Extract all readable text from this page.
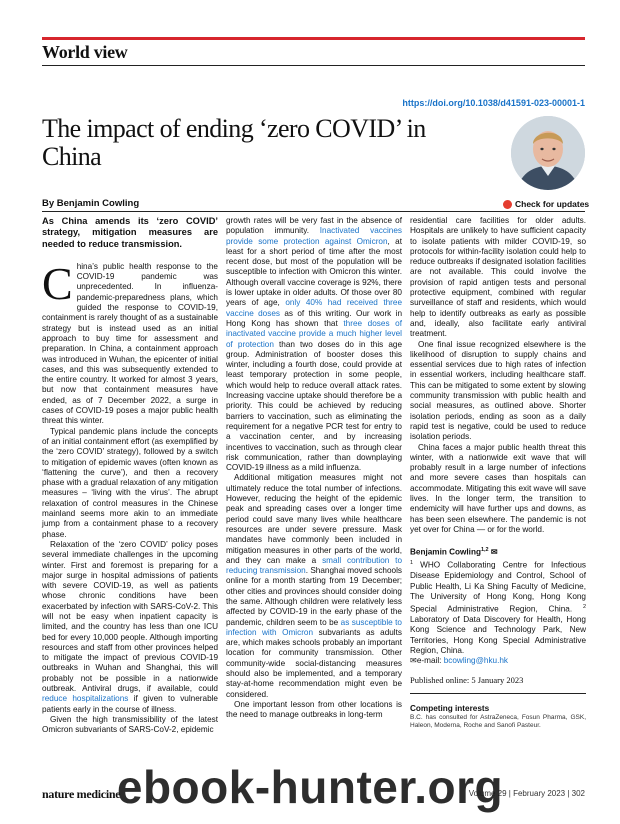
World view
https://doi.org/10.1038/d41591-023-00001-1
The impact of ending ‘zero COVID’ in China
By Benjamin Cowling	Check for updates

As China amends its ‘zero COVID’ strategy, mitigation measures are needed to reduce transmission.

China’s public health response to the COVID-19 pandemic was unprecedented. In influenza-pandemic-preparedness plans, which guided the response to COVID-19, containment is rarely thought of as a sustainable strategy but is instead used as an initial approach to buy time for assessment and preparation. In China, a containment approach was introduced in Wuhan, the epicenter of initial cases, and this was subsequently extended to the entire country. It worked for almost 3 years, but now that containment measures have ended, as of 7 December 2022, a surge in cases of COVID-19 poses a major public health threat this winter.

Typical pandemic plans include the concepts of an initial containment effort (as exemplified by the ‘zero COVID’ strategy), followed by a switch to mitigation of epidemic waves (often known as ‘flattening the curve’), and then a recovery phase with a gradual relaxation of any mitigation measures – ‘living with the virus’. The abrupt relaxation of control measures in the Chinese mainland seems more akin to an immediate jump from a containment phase to a recovery phase.

Relaxation of the ‘zero COVID’ policy poses several immediate challenges in the upcoming winter. First and foremost is preparing for a major surge in hospital admissions of patients with severe COVID-19, as well as patients whose chronic conditions have been exacerbated by infection with SARS-CoV-2. This will not be easy when inpatient capacity is limited, and the country has less than one ICU bed for every 10,000 people. Although importing resources and staff from other provinces helped to mitigate the impact of previous COVID-19 outbreaks in Wuhan and Shanghai, this will probably not be possible in a nationwide outbreak. Antiviral drugs, if available, could reduce hospitalizations if given to vulnerable patients early in the course of illness.

Given the high transmissibility of the latest Omicron subvariants of SARS-CoV-2, epidemic

growth rates will be very fast in the absence of population immunity. Inactivated vaccines provide some protection against Omicron, at least for a short period of time after the most recent dose, but most of the population will be susceptible to infection with Omicron this winter. Although overall vaccine coverage is 92%, there is lower uptake in older adults. Of those over 80 years of age, only 40% had received three vaccine doses as of this writing. Our work in Hong Kong has shown that three doses of inactivated vaccine provide a much higher level of protection than two doses do in this age group. Administration of booster doses this winter, including a fourth dose, could provide at least temporary protection in some people, which would help to reduce overall attack rates. Increasing vaccine uptake should therefore be a priority. This could be achieved by reducing barriers to vaccination, such as eliminating the requirement for a negative PCR test for entry to a vaccination center, and by increasing incentives to vaccination, such as through clear risk communication, rather than downplaying COVID-19 illness as a mild influenza.

Additional mitigation measures might not ultimately reduce the total number of infections. However, reducing the height of the epidemic peak and spreading cases over a longer time period could save many lives while healthcare resources are under severe pressure. Mask mandates have commonly been included in mitigation measures in other parts of the world, and they can make a small contribution to reducing transmission. Shanghai moved schools online for a month starting from 19 December; other cities and provinces should consider doing the same. Although children were relatively less affected by COVID-19 in the early phase of the pandemic, children seem to be as susceptible to infection with Omicron subvariants as adults are, which makes schools probably an important location for community transmission. Other community-wide social-distancing measures should also be implemented, and a temporary stay-at-home recommendation might even be considered.

One important lesson from other locations is the need to manage outbreaks in long-term

residential care facilities for older adults. Hospitals are unlikely to have sufficient capacity to isolate patients with milder COVID-19, so protocols for within-facility isolation could help to reduce outbreaks if designated isolation facilities are not available. This could involve the provision of rapid antigen tests and personal protective equipment, combined with regular surveillance of staff and residents, which would help to identify outbreaks as early as possible and, ideally, also facilitate early antiviral treatment.

One final issue recognized elsewhere is the likelihood of disruption to supply chains and essential services due to high rates of infection in essential workers, including healthcare staff. This can be mitigated to some extent by slowing community transmission with public health and social measures, as outlined above. Shorter isolation periods, ending as soon as a daily rapid test is negative, could be used to reduce isolation periods.

China faces a major public health threat this winter, with a nationwide exit wave that will probably result in a large number of infections and more severe cases than hospitals can accommodate. Mitigating this exit wave will save lives. In the longer term, the transition to endemicity will have further ups and downs, as has been seen elsewhere. The pandemic is not yet over for China — or for the world.

Benjamin Cowling$^{1,2}$ ✉
$^1$ WHO Collaborating Centre for Infectious Disease Epidemiology and Control, School of Public Health, Li Ka Shing Faculty of Medicine, The University of Hong Kong, Hong Kong Special Administrative Region, China. $^2$ Laboratory of Data Discovery for Health, Hong Kong Science and Technology Park, New Territories, Hong Kong Special Administrative Region, China.
✉e-mail: bcowling@hku.hk
Published online: 5 January 2023
Competing interests
B.C. has consulted for AstraZeneca, Fosun Pharma, GSK, Haleon, Moderna, Roche and Sanofi Pasteur.
nature medicine	Volume 29 | February 2023 | 302
ebook-hunter.org
